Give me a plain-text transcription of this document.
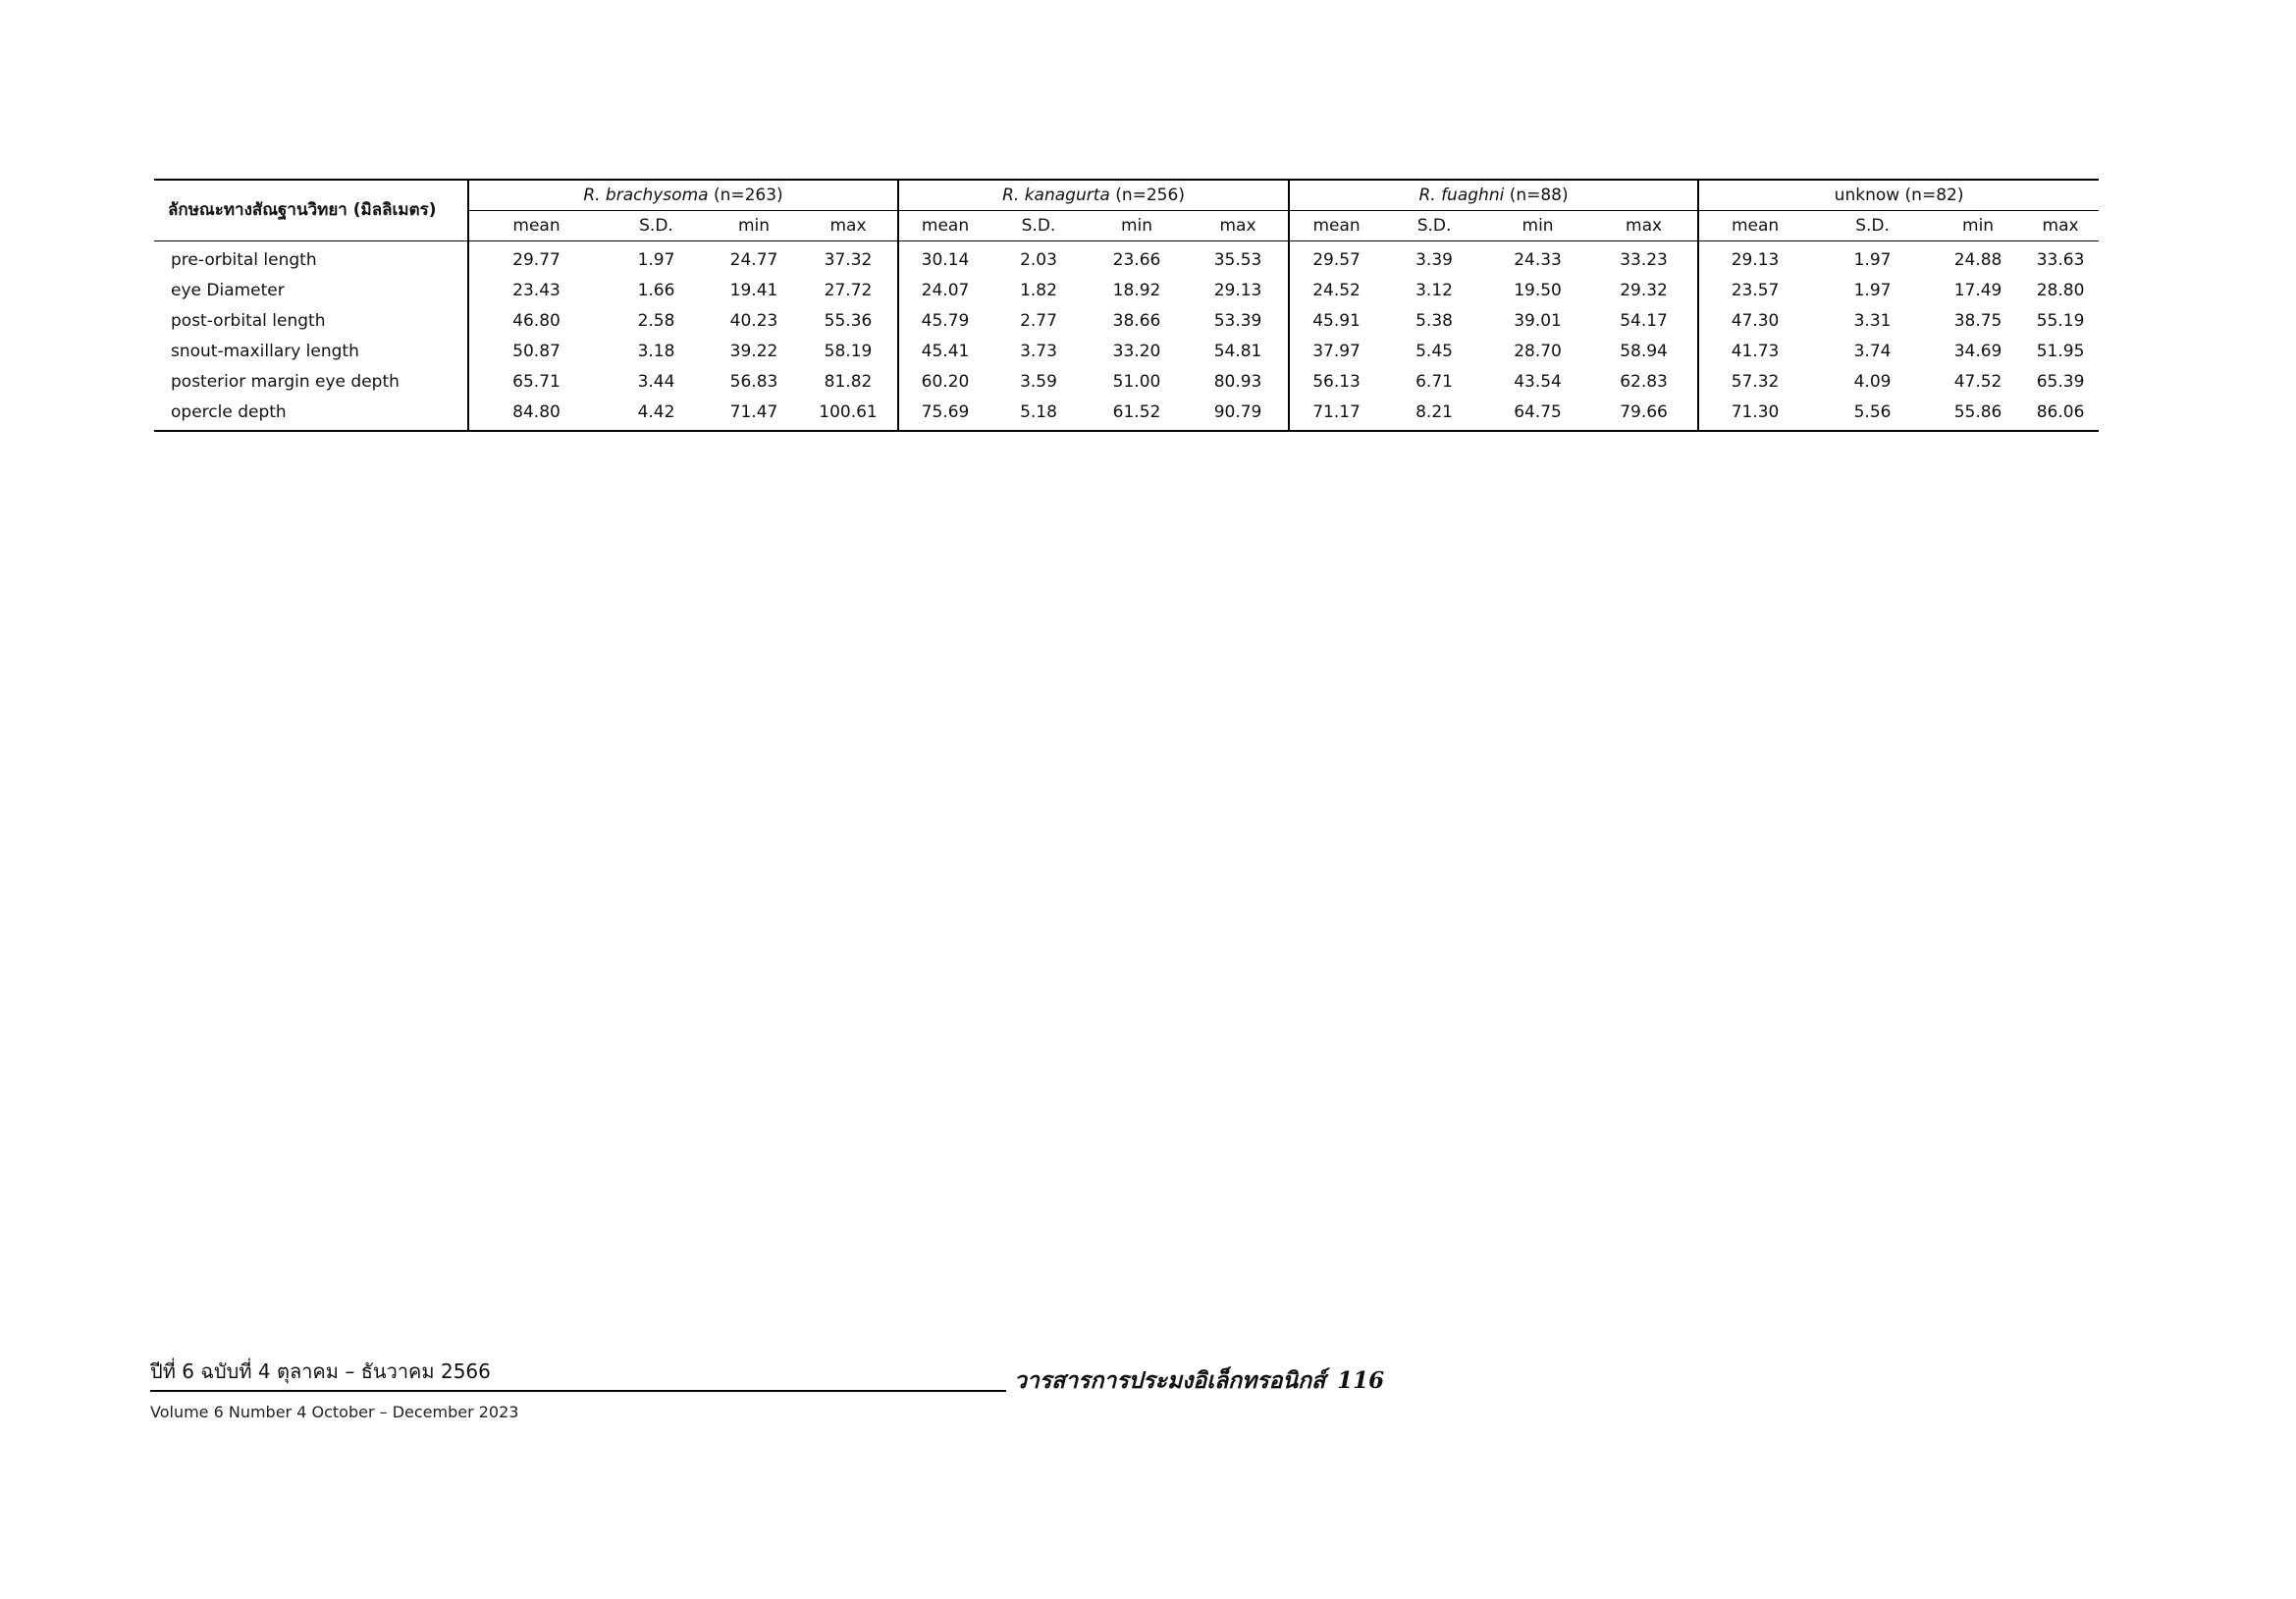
ลักษณะทางสัณฐานวิทยา (มิลลิเมตร)	R. brachysoma (n=263)				R. kanagurta (n=256)				R. fuaghni (n=88)				unknow (n=82)			
	mean	S.D.	min	max	mean	S.D.	min	max	mean	S.D.	min	max	mean	S.D.	min	max
pre-orbital length	29.77	1.97	24.77	37.32	30.14	2.03	23.66	35.53	29.57	3.39	24.33	33.23	29.13	1.97	24.88	33.63
eye Diameter	23.43	1.66	19.41	27.72	24.07	1.82	18.92	29.13	24.52	3.12	19.50	29.32	23.57	1.97	17.49	28.80
post-orbital length	46.80	2.58	40.23	55.36	45.79	2.77	38.66	53.39	45.91	5.38	39.01	54.17	47.30	3.31	38.75	55.19
snout-maxillary length	50.87	3.18	39.22	58.19	45.41	3.73	33.20	54.81	37.97	5.45	28.70	58.94	41.73	3.74	34.69	51.95
posterior margin eye depth	65.71	3.44	56.83	81.82	60.20	3.59	51.00	80.93	56.13	6.71	43.54	62.83	57.32	4.09	47.52	65.39
opercle depth	84.80	4.42	71.47	100.61	75.69	5.18	61.52	90.79	71.17	8.21	64.75	79.66	71.30	5.56	55.86	86.06
ปีที่ 6 ฉบับที่ 4 ตุลาคม – ธันวาคม 2566
Volume 6 Number 4 October – December 2023
วารสารการประมงอิเล็กทรอนิกส์ 116
